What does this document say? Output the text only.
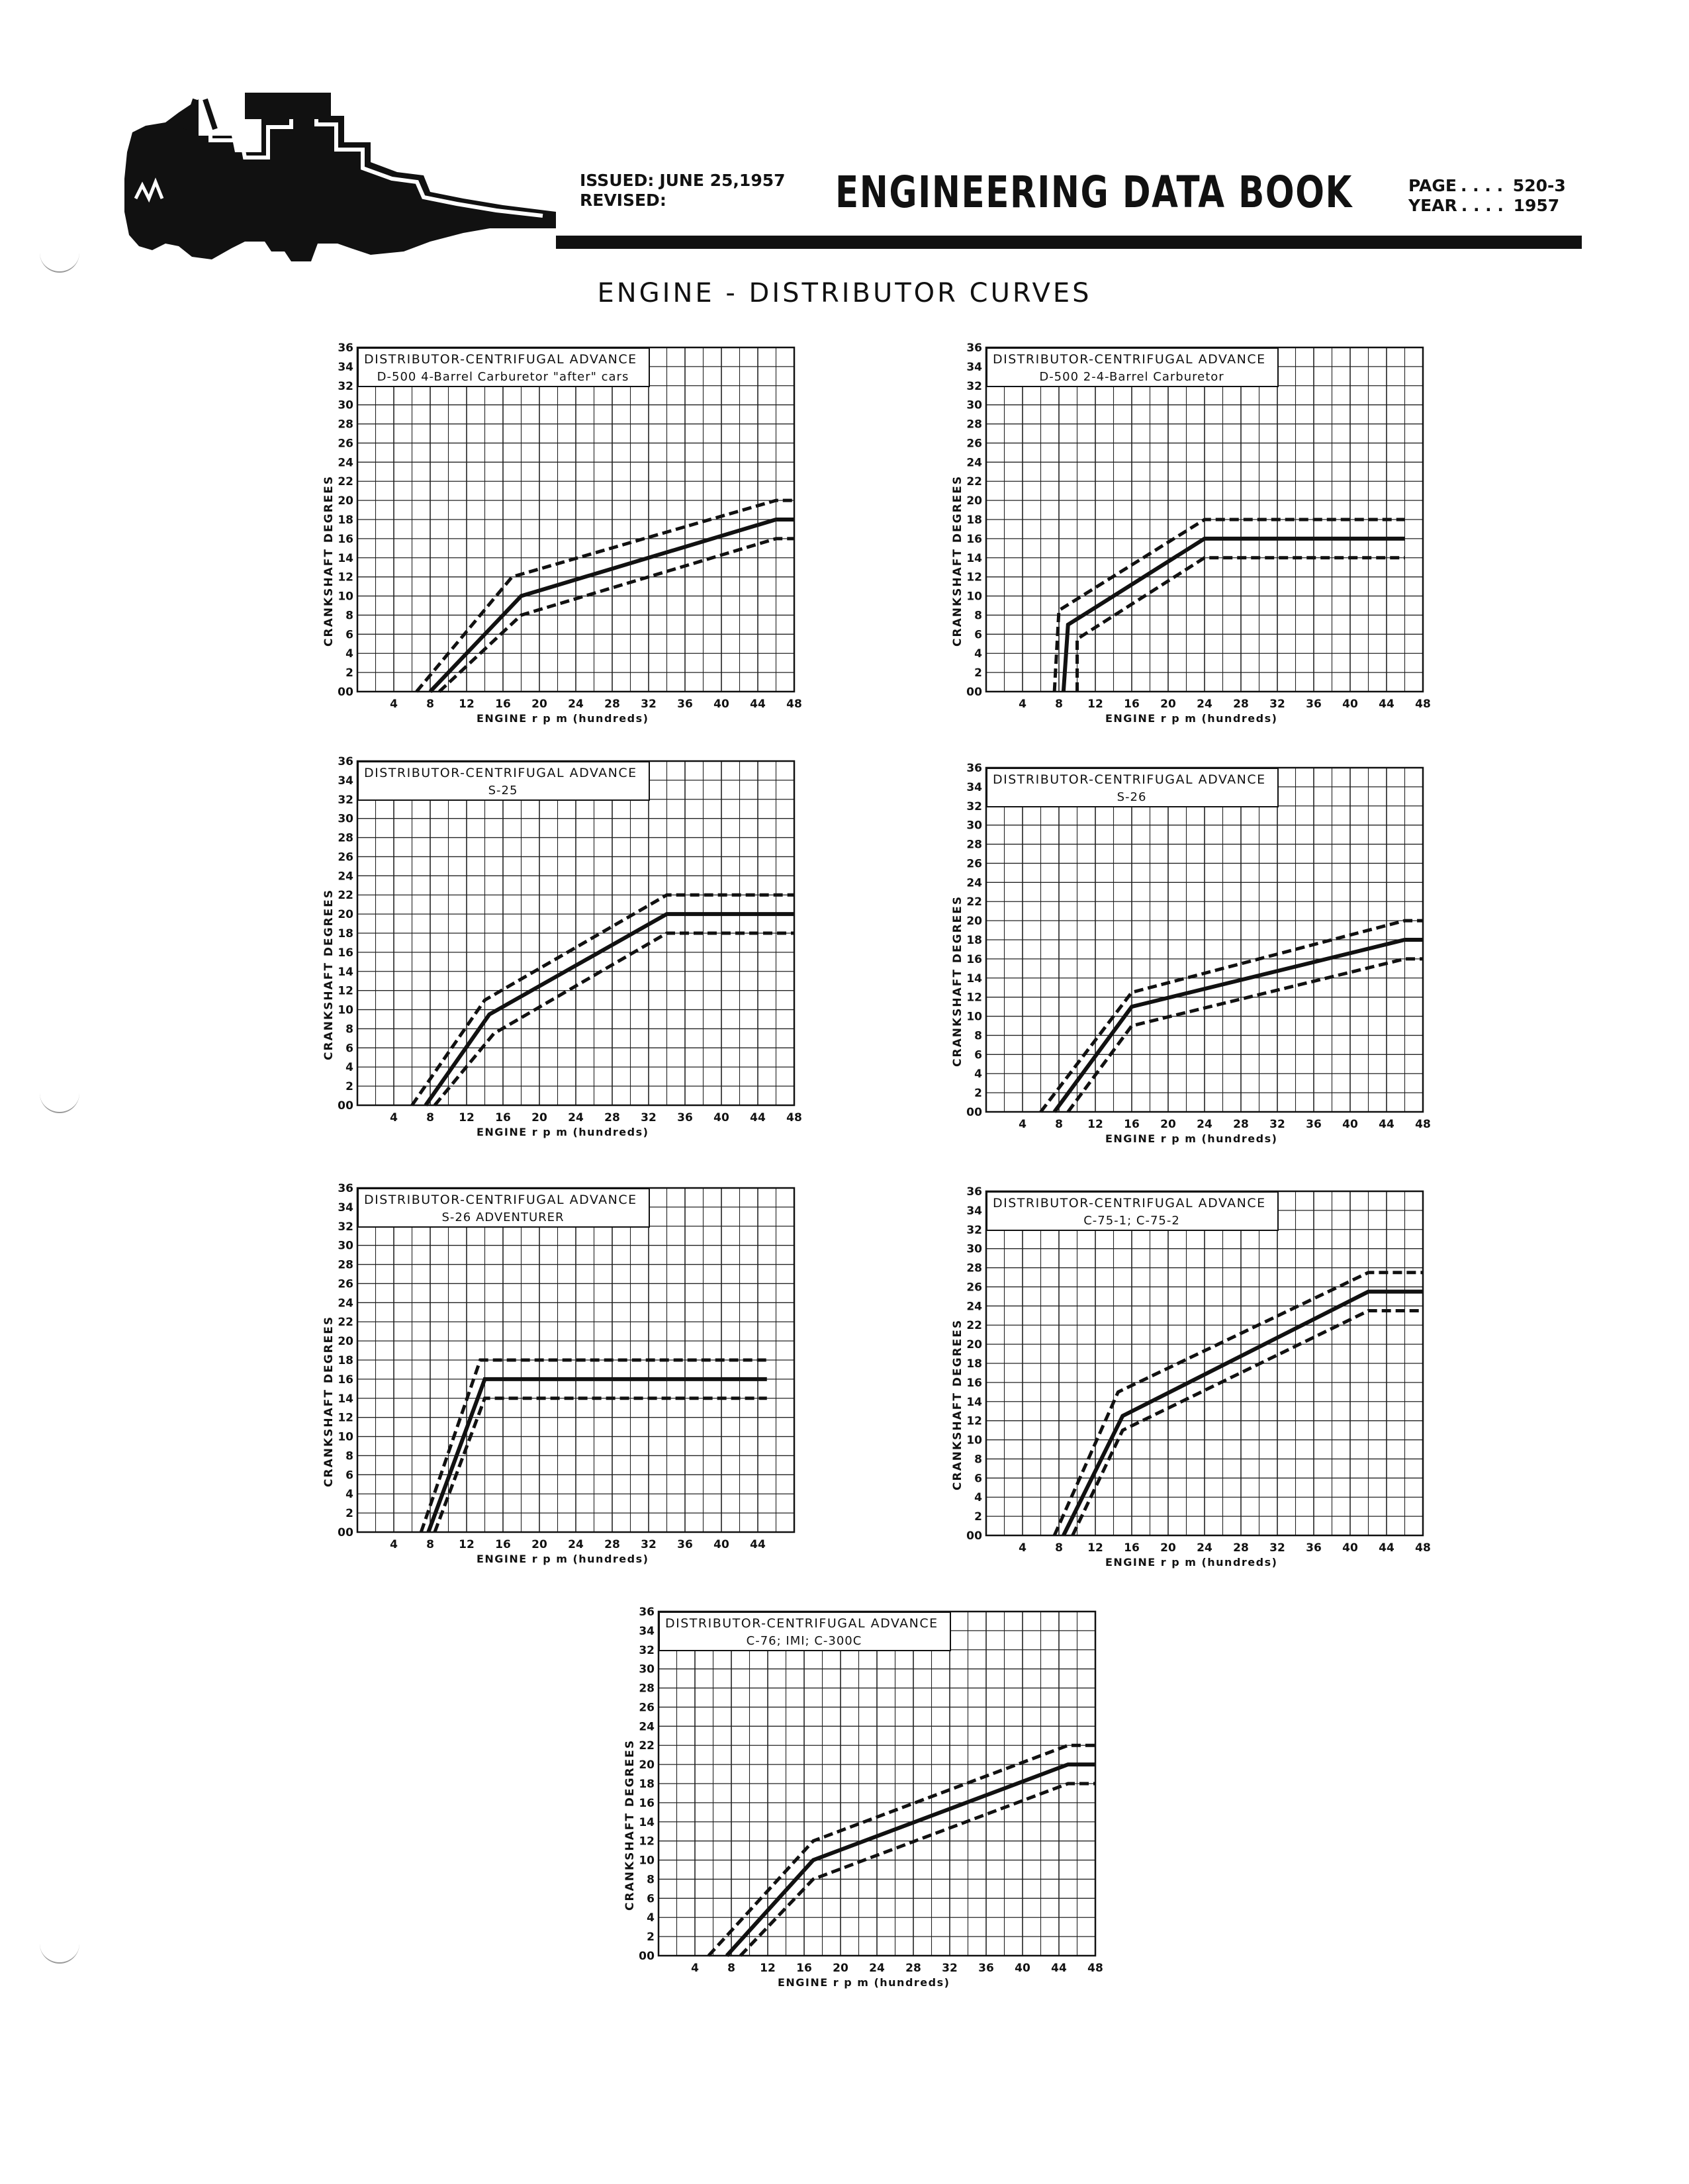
ISSUED: JUNE 25,1957
REVISED:	ENGINEERING DATA BOOK	PAGE . . . . 520-3
YEAR . . . . 1957
ENGINE - DISTRIBUTOR CURVES
DISTRIBUTOR-CENTRIFUGAL ADVANCE
D-500 4-Barrel Carburetor "after" cars
0
2
4
6
8
10
12
14
16
18
20
22
24
26
28
30
32
34
36
4	8 12 16 20 24 28 32 36 40 44 48
0
ENGINE r p m (hundreds)
CRANKSHAFT DEGREES
DISTRIBUTOR-CENTRIFUGAL ADVANCE
D-500 2-4-Barrel Carburetor
0
2
4
6
8
10
12
14
16
18
20
22
24
26
28
30
32
34
36
4	8 12 16 20 24 28 32 36 40 44 48
0
ENGINE r p m (hundreds)
CRANKSHAFT DEGREES
DISTRIBUTOR-CENTRIFUGAL ADVANCE
S-25
0
2
4
6
8
10
12
14
16
18
20
22
24
26
28
30
32
34
36
4	8 12 16 20 24 28 32 36 40 44 48
0
ENGINE r p m (hundreds)
CRANKSHAFT DEGREES
DISTRIBUTOR-CENTRIFUGAL ADVANCE
S-26
0
2
4
6
8
10
12
14
16
18
20
22
24
26
28
30
32
34
36
4	8 12 16 20 24 28 32 36 40 44 48
0
ENGINE r p m (hundreds)
CRANKSHAFT DEGREES
DISTRIBUTOR-CENTRIFUGAL ADVANCE
S-26 ADVENTURER
0
2
4
6
8
10
12
14
16
18
20
22
24
26
28
30
32
34
36
4	8 12 16 20 24 28 32 36 40 44
0
ENGINE r p m (hundreds)
CRANKSHAFT DEGREES
DISTRIBUTOR-CENTRIFUGAL ADVANCE
C-75-1; C-75-2
0
2
4
6
8
10
12
14
16
18
20
22
24
26
28
30
32
34
36
4	8 12 16 20 24 28 32 36 40 44 48
0
ENGINE r p m (hundreds)
CRANKSHAFT DEGREES
DISTRIBUTOR-CENTRIFUGAL ADVANCE
C-76; IMI; C-300C
0
2
4
6
8
10
12
14
16
18
20
22
24
26
28
30
32
34
36
4	8 12 16 20 24 28 32 36 40 44 48
0
ENGINE r p m (hundreds)
CRANKSHAFT DEGREES
